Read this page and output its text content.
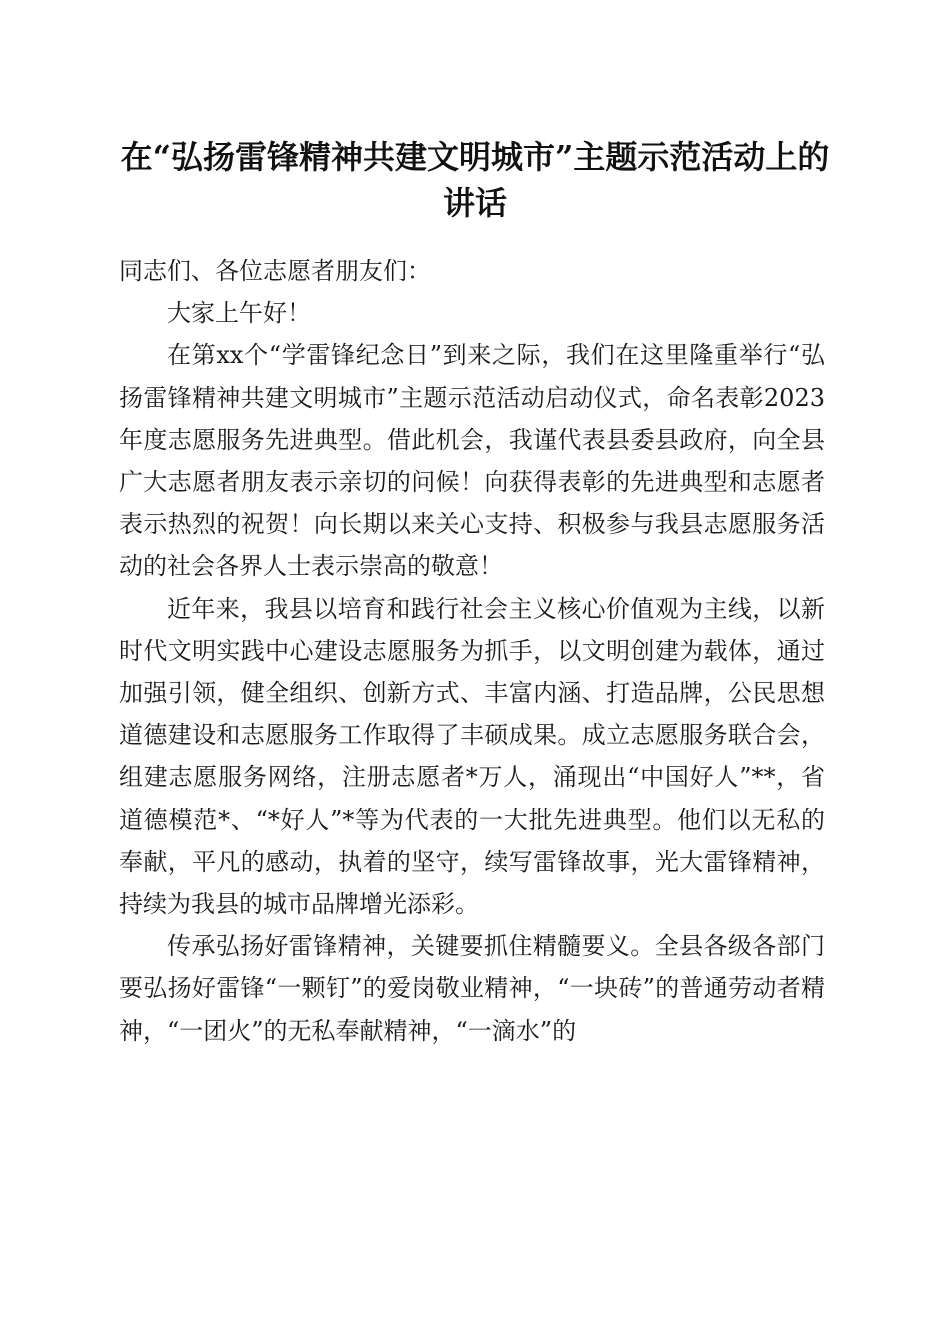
在“弘扬雷锋精神共建文明城市”主题示范活动上的讲话

同志们、各位志愿者朋友们：

大家上午好！

在第xx个“学雷锋纪念日”到来之际，我们在这里隆重举行“弘扬雷锋精神共建文明城市”主题示范活动启动仪式，命名表彰2023年度志愿服务先进典型。借此机会，我谨代表县委县政府，向全县广大志愿者朋友表示亲切的问候！向获得表彰的先进典型和志愿者表示热烈的祝贺！向长期以来关心支持、积极参与我县志愿服务活动的社会各界人士表示崇高的敬意！

近年来，我县以培育和践行社会主义核心价值观为主线，以新时代文明实践中心建设志愿服务为抓手，以文明创建为载体，通过加强引领，健全组织、创新方式、丰富内涵、打造品牌，公民思想道德建设和志愿服务工作取得了丰硕成果。成立志愿服务联合会，组建志愿服务网络，注册志愿者*万人，涌现出“中国好人”**，省道德模范*、“*好人”*等为代表的一大批先进典型。他们以无私的奉献，平凡的感动，执着的坚守，续写雷锋故事，光大雷锋精神，持续为我县的城市品牌增光添彩。

传承弘扬好雷锋精神，关键要抓住精髓要义。全县各级各部门要弘扬好雷锋“一颗钉”的爱岗敬业精神，“一块砖”的普通劳动者精神，“一团火”的无私奉献精神，“一滴水”的
